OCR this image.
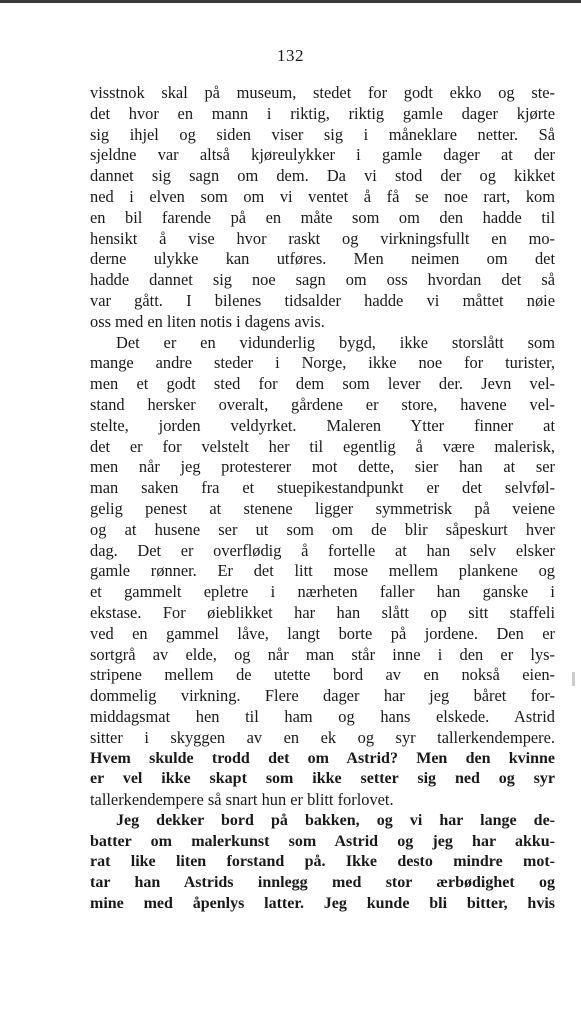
132
visstnok skal på museum, stedet for godt ekko og ste-
det hvor en mann i riktig, riktig gamle dager kjørte
sig ihjel og siden viser sig i måneklare netter. Så
sjeldne var altså kjøreulykker i gamle dager at der
dannet sig sagn om dem. Da vi stod der og kikket
ned i elven som om vi ventet å få se noe rart, kom
en bil farende på en måte som om den hadde til
hensikt å vise hvor raskt og virkningsfullt en mo-
derne ulykke kan utføres. Men neimen om det
hadde dannet sig noe sagn om oss hvordan det så
var gått. I bilenes tidsalder hadde vi måttet nøie
oss med en liten notis i dagens avis.
Det er en vidunderlig bygd, ikke storslått som
mange andre steder i Norge, ikke noe for turister,
men et godt sted for dem som lever der. Jevn vel-
stand hersker overalt, gårdene er store, havene vel-
stelte, jorden veldyrket. Maleren Ytter finner at
det er for velstelt her til egentlig å være malerisk,
men når jeg protesterer mot dette, sier han at ser
man saken fra et stuepikestandpunkt er det selvføl-
gelig penest at stenene ligger symmetrisk på veiene
og at husene ser ut som om de blir såpeskurt hver
dag. Det er overflødig å fortelle at han selv elsker
gamle rønner. Er det litt mose mellem plankene og
et gammelt epletre i nærheten faller han ganske i
ekstase. For øieblikket har han slått op sitt staffeli
ved en gammel låve, langt borte på jordene. Den er
sortgrå av elde, og når man står inne i den er lys-
stripene mellem de utette bord av en nokså eien-
dommelig virkning. Flere dager har jeg båret for-
middagsmat hen til ham og hans elskede. Astrid
sitter i skyggen av en ek og syr tallerkendempere.
Hvem skulde trodd det om Astrid? Men den kvinne
er vel ikke skapt som ikke setter sig ned og syr
tallerkendempere så snart hun er blitt forlovet.
Jeg dekker bord på bakken, og vi har lange de-
batter om malerkunst som Astrid og jeg har akku-
rat like liten forstand på. Ikke desto mindre mot-
tar han Astrids innlegg med stor ærbødighet og
mine med åpenlys latter. Jeg kunde bli bitter, hvis
